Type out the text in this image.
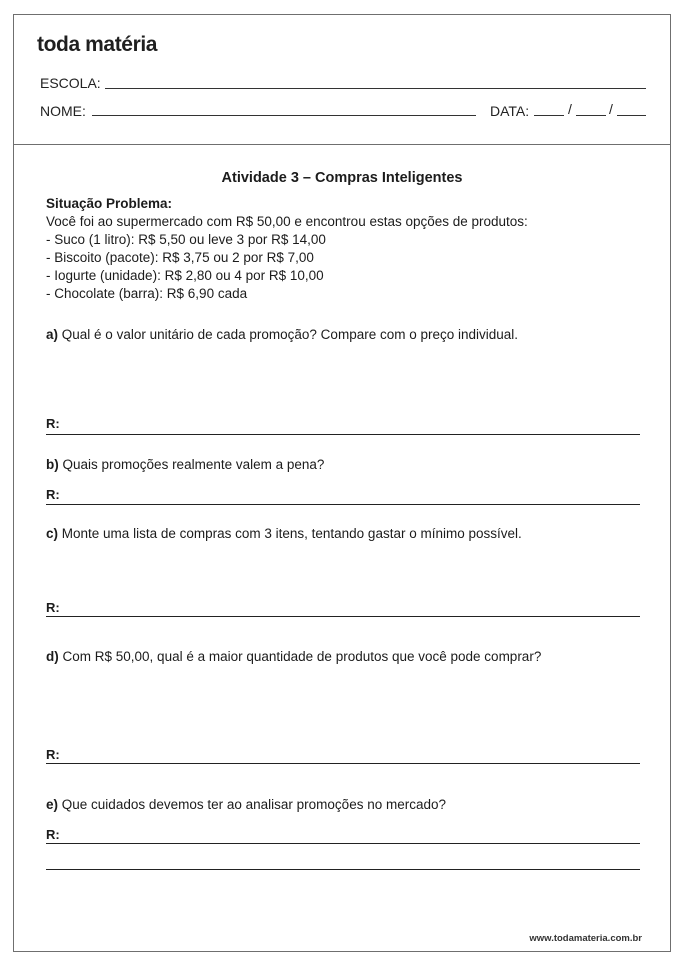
toda matéria
ESCOLA:
NOME:	DATA:	/	/
Atividade 3 – Compras Inteligentes
Situação Problema:
Você foi ao supermercado com R$ 50,00 e encontrou estas opções de produtos:
- Suco (1 litro): R$ 5,50 ou leve 3 por R$ 14,00
- Biscoito (pacote): R$ 3,75 ou 2 por R$ 7,00
- Iogurte (unidade): R$ 2,80 ou 4 por R$ 10,00
- Chocolate (barra): R$ 6,90 cada
a) Qual é o valor unitário de cada promoção? Compare com o preço individual.
R:
b) Quais promoções realmente valem a pena?
R:
c) Monte uma lista de compras com 3 itens, tentando gastar o mínimo possível.
R:
d) Com R$ 50,00, qual é a maior quantidade de produtos que você pode comprar?
R:
e) Que cuidados devemos ter ao analisar promoções no mercado?
R:
www.todamateria.com.br
